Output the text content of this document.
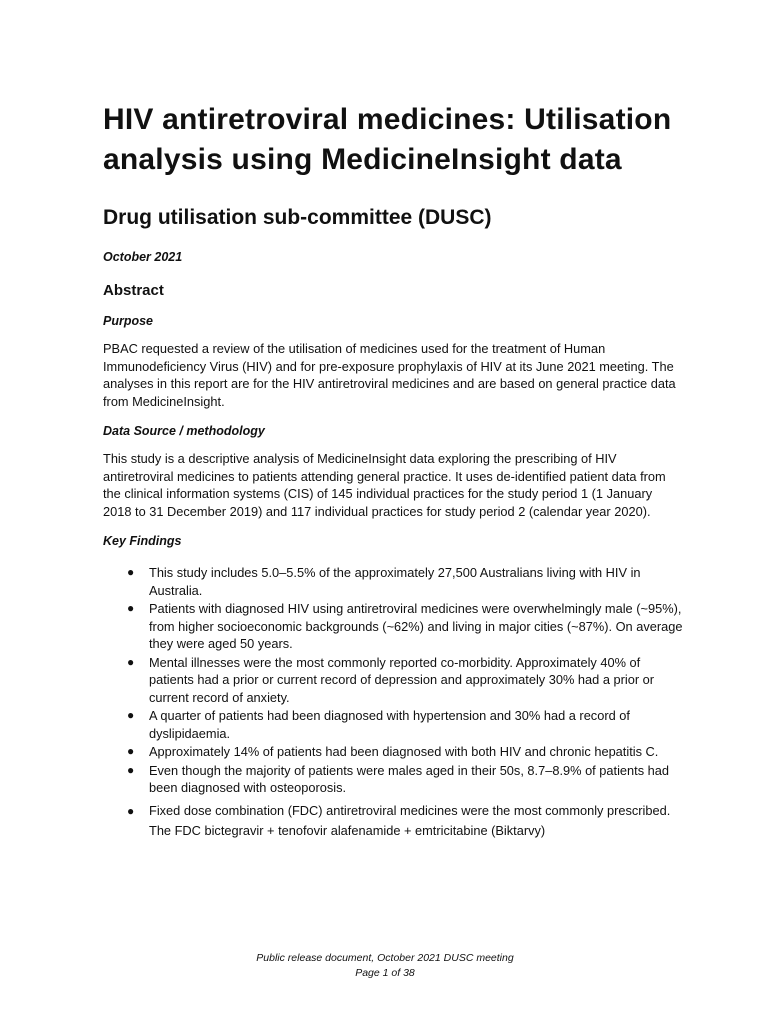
HIV antiretroviral medicines: Utilisation
analysis using MedicineInsight data
Drug utilisation sub-committee (DUSC)
October 2021
Abstract
Purpose

PBAC requested a review of the utilisation of medicines used for the treatment of Human Immunodeficiency Virus (HIV) and for pre-exposure prophylaxis of HIV at its June 2021 meeting. The analyses in this report are for the HIV antiretroviral medicines and are based on general practice data from MedicineInsight.

Data Source / methodology

This study is a descriptive analysis of MedicineInsight data exploring the prescribing of HIV antiretroviral medicines to patients attending general practice. It uses de-identified patient data from the clinical information systems (CIS) of 145 individual practices for the study period 1 (1 January 2018 to 31 December 2019) and 117 individual practices for study period 2 (calendar year 2020).

Key Findings
● This study includes 5.0–5.5% of the approximately 27,500 Australians living with HIV in Australia.
● Patients with diagnosed HIV using antiretroviral medicines were overwhelmingly male (~95%), from higher socioeconomic backgrounds (~62%) and living in major cities (~87%). On average they were aged 50 years.
● Mental illnesses were the most commonly reported co-morbidity. Approximately 40% of patients had a prior or current record of depression and approximately 30% had a prior or current record of anxiety.
● A quarter of patients had been diagnosed with hypertension and 30% had a record of dyslipidaemia.
● Approximately 14% of patients had been diagnosed with both HIV and chronic hepatitis C.
● Even though the majority of patients were males aged in their 50s, 8.7–8.9% of patients had been diagnosed with osteoporosis.
● Fixed dose combination (FDC) antiretroviral medicines were the most commonly prescribed. The FDC bictegravir + tenofovir alafenamide + emtricitabine (Biktarvy)
Public release document, October 2021 DUSC meeting
Page 1 of 38
